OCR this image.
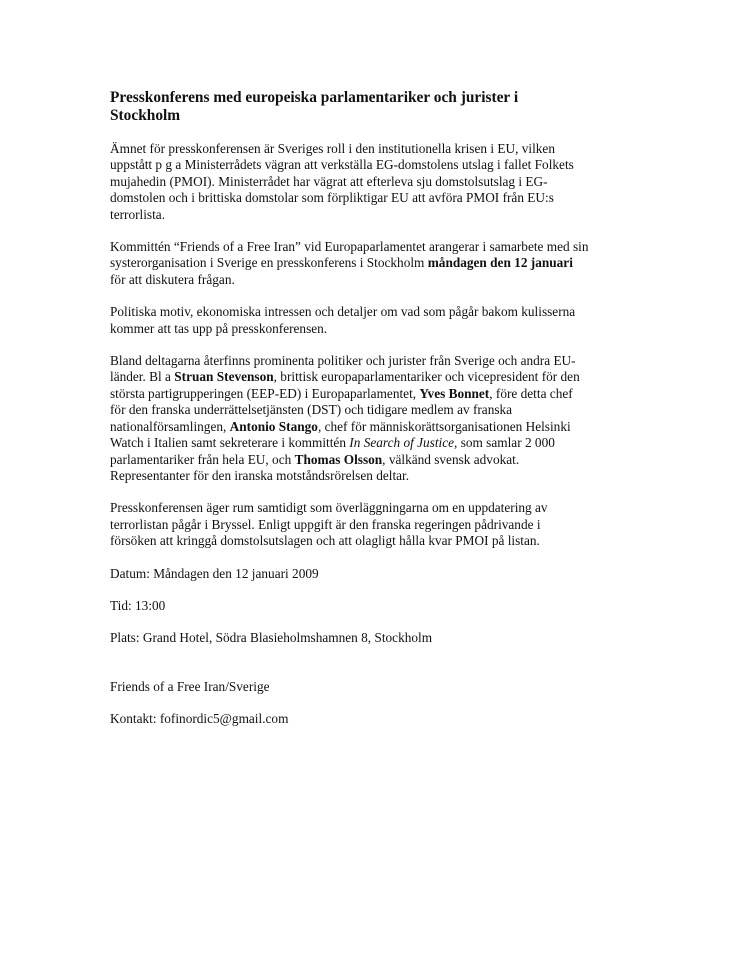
Presskonferens med europeiska parlamentariker och jurister i
Stockholm

Ämnet för presskonferensen är Sveriges roll i den institutionella krisen i EU, vilken
uppstått p g a Ministerrådets vägran att verkställa EG-domstolens utslag i fallet Folkets
mujahedin (PMOI). Ministerrådet har vägrat att efterleva sju domstolsutslag i EG-
domstolen och i brittiska domstolar som förpliktigar EU att avföra PMOI från EU:s
terrorlista.

Kommittén “Friends of a Free Iran” vid Europaparlamentet arangerar i samarbete med sin
systerorganisation i Sverige en presskonferens i Stockholm måndagen den 12 januari
för att diskutera frågan.

Politiska motiv, ekonomiska intressen och detaljer om vad som pågår bakom kulisserna
kommer att tas upp på presskonferensen.

Bland deltagarna återfinns prominenta politiker och jurister från Sverige och andra EU-
länder. Bl a Struan Stevenson, brittisk europaparlamentariker och vicepresident för den
största partigrupperingen (EEP-ED) i Europaparlamentet, Yves Bonnet, före detta chef
för den franska underrättelsetjänsten (DST) och tidigare medlem av franska
nationalförsamlingen, Antonio Stango, chef för människorättsorganisationen Helsinki
Watch i Italien samt sekreterare i kommittén In Search of Justice, som samlar 2 000
parlamentariker från hela EU, och Thomas Olsson, välkänd svensk advokat.
Representanter för den iranska motståndsrörelsen deltar.

Presskonferensen äger rum samtidigt som överläggningarna om en uppdatering av
terrorlistan pågår i Bryssel. Enligt uppgift är den franska regeringen pådrivande i
försöken att kringgå domstolsutslagen och att olagligt hålla kvar PMOI på listan.

Datum: Måndagen den 12 januari 2009

Tid: 13:00

Plats: Grand Hotel, Södra Blasieholmshamnen 8, Stockholm

Friends of a Free Iran/Sverige

Kontakt: fofinordic5@gmail.com
